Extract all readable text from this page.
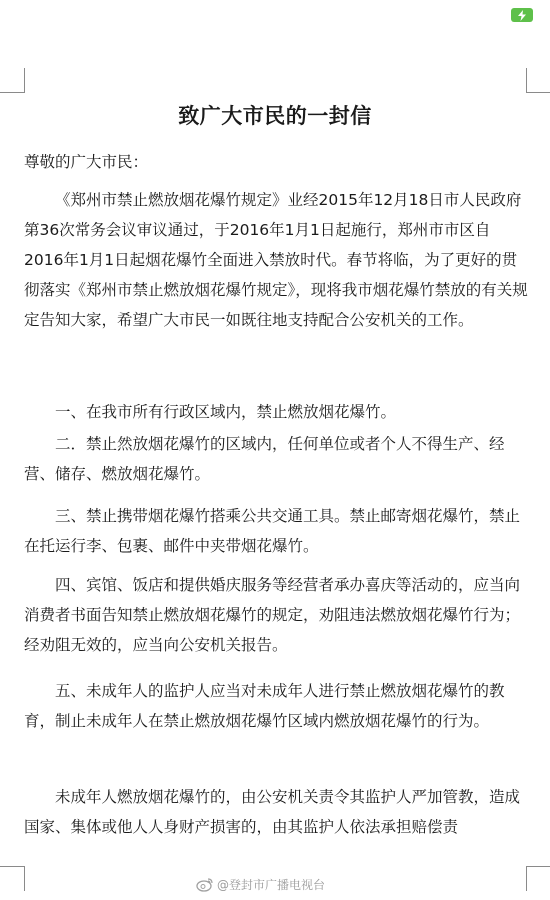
致广大市民的一封信

尊敬的广大市民：

《郑州市禁止燃放烟花爆竹规定》业经2015年12月18日市人民政府第36次常务会议审议通过，于2016年1月1日起施行，郑州市市区自2016年1月1日起烟花爆竹全面进入禁放时代。春节将临，为了更好的贯彻落实《郑州市禁止燃放烟花爆竹规定》，现将我市烟花爆竹禁放的有关规定告知大家，希望广大市民一如既往地支持配合公安机关的工作。

一、在我市所有行政区域内，禁止燃放烟花爆竹。

二．禁止然放烟花爆竹的区域内，任何单位或者个人不得生产、经营、储存、燃放烟花爆竹。

三、禁止携带烟花爆竹搭乘公共交通工具。禁止邮寄烟花爆竹，禁止在托运行李、包裹、邮件中夹带烟花爆竹。

四、宾馆、饭店和提供婚庆服务等经营者承办喜庆等活动的，应当向消费者书面告知禁止燃放烟花爆竹的规定，劝阻违法燃放烟花爆竹行为；经劝阻无效的，应当向公安机关报告。

五、未成年人的监护人应当对未成年人进行禁止燃放烟花爆竹的教育，制止未成年人在禁止燃放烟花爆竹区域内燃放烟花爆竹的行为。

未成年人燃放烟花爆竹的，由公安机关责令其监护人严加管教，造成国家、集体或他人人身财产损害的，由其监护人依法承担赔偿责

@登封市广播电视台
